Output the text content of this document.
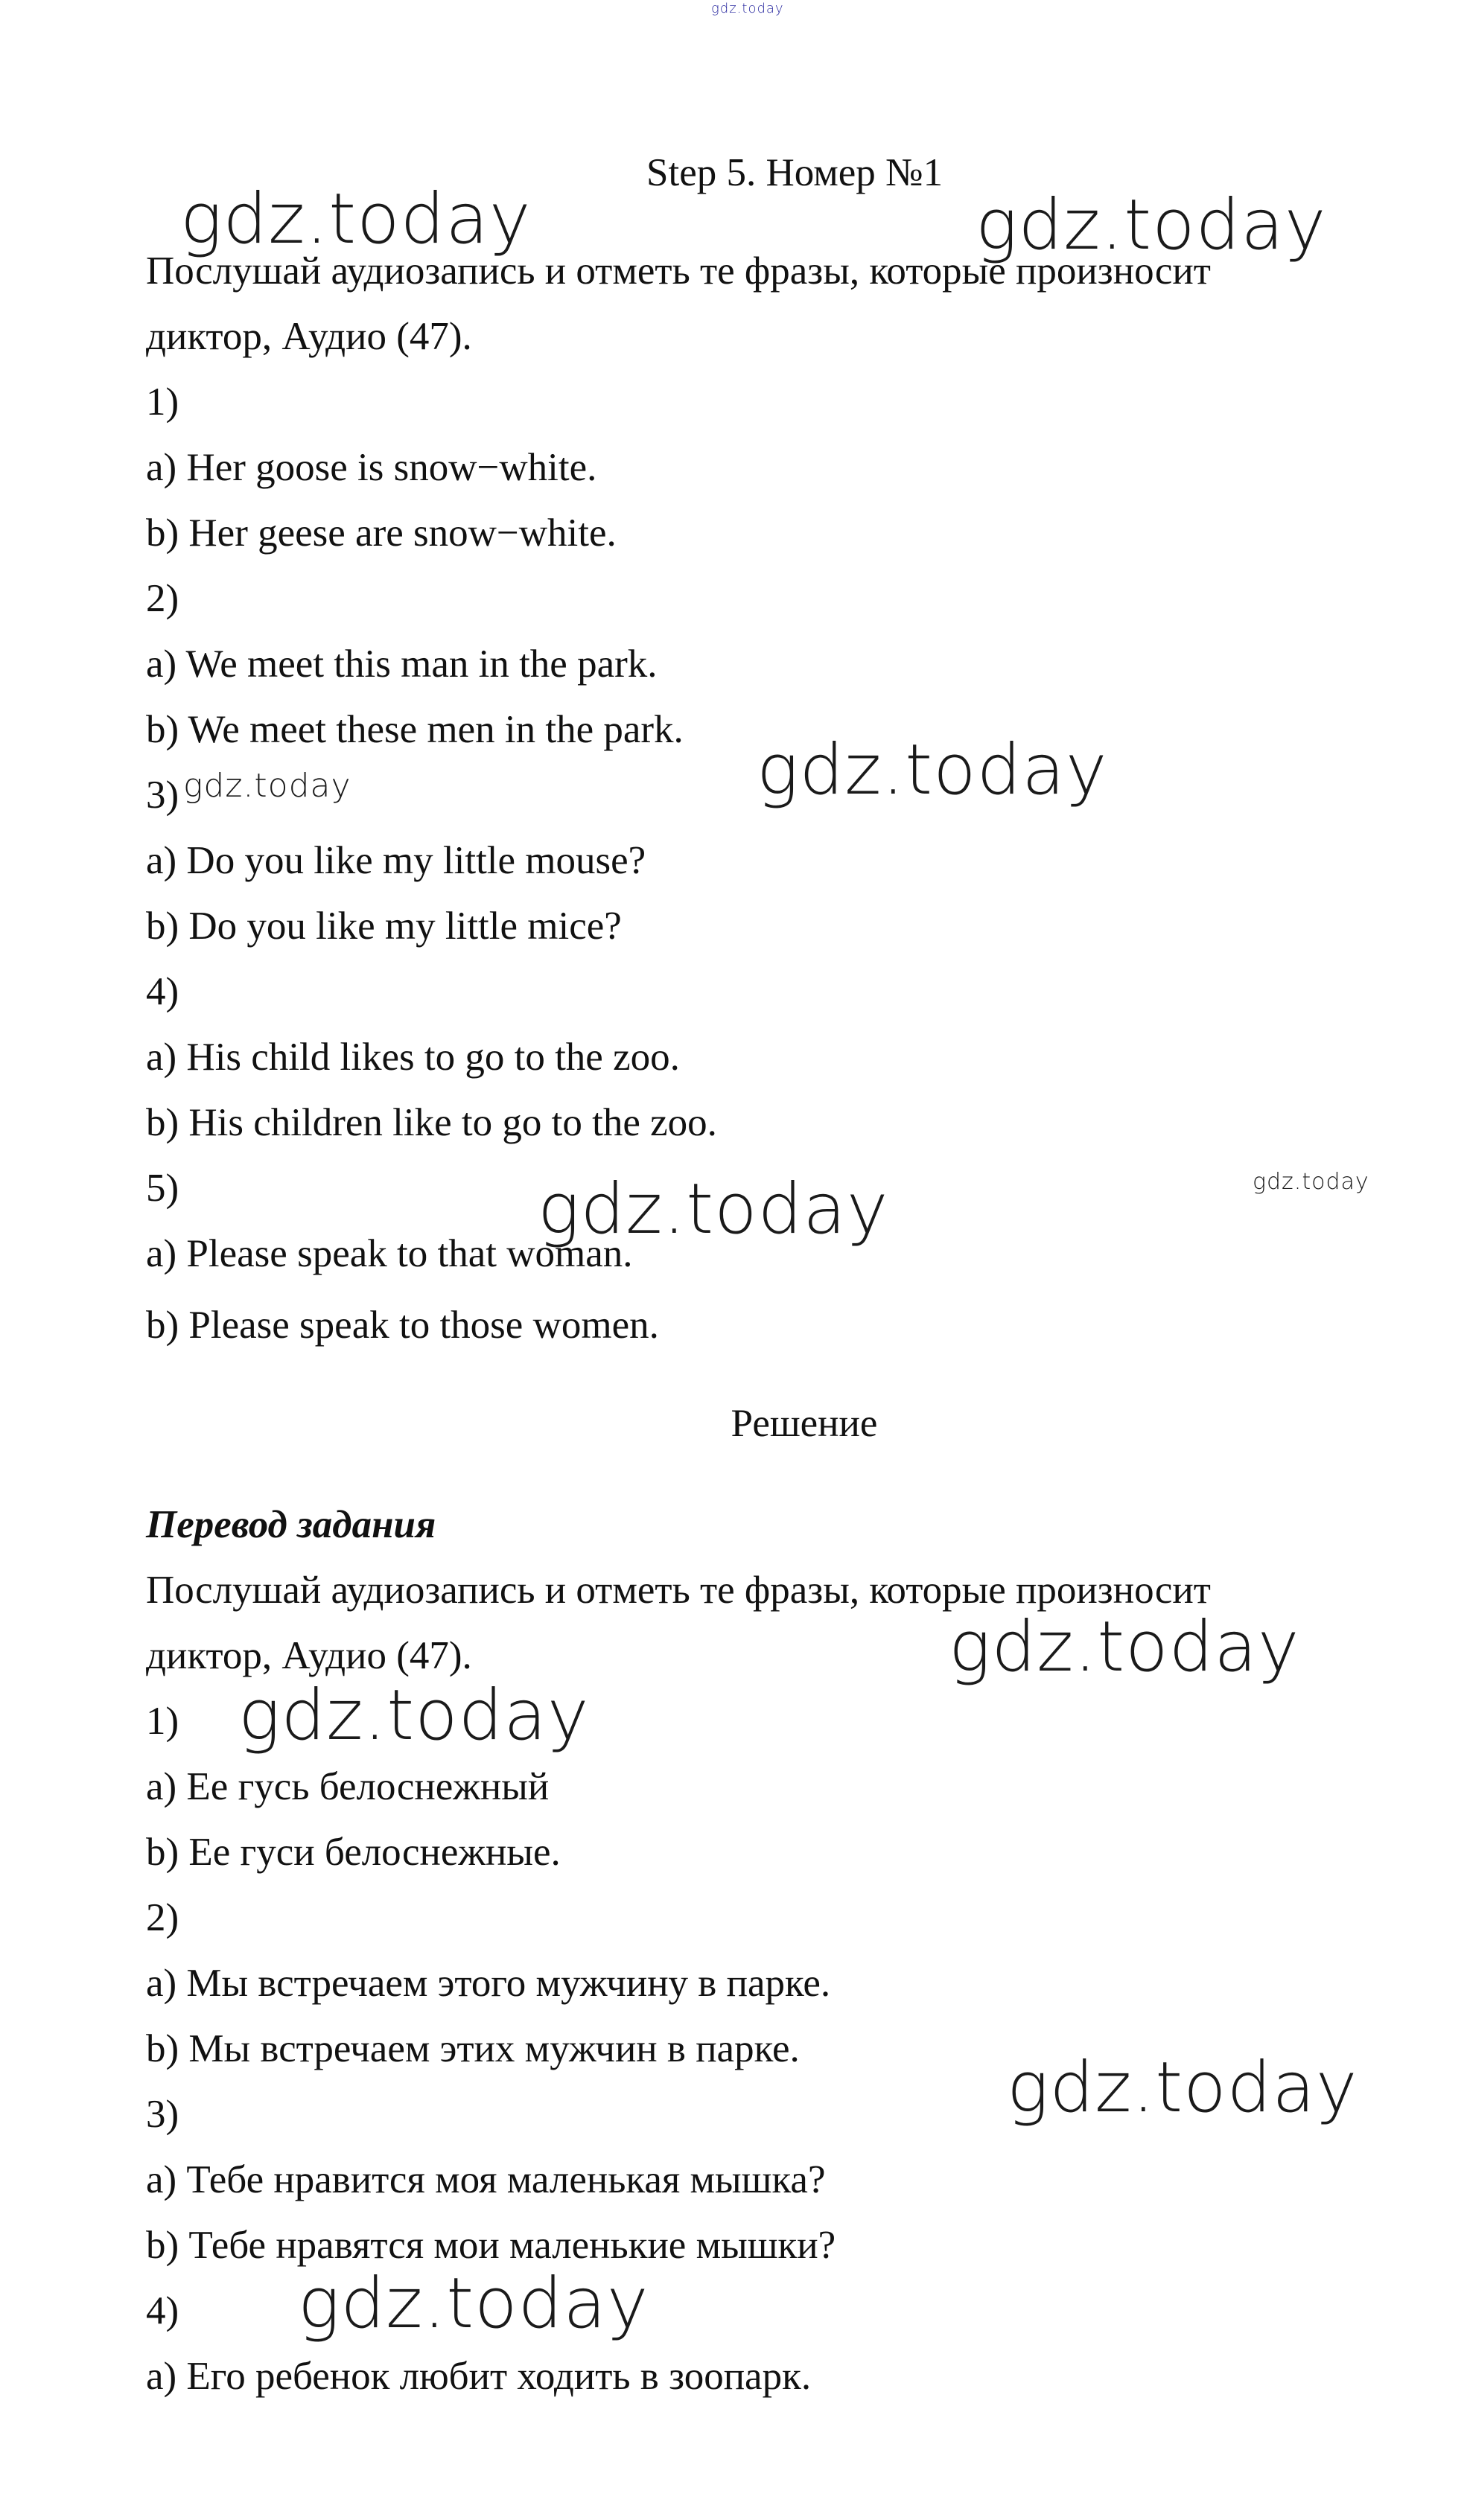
gdz.today
Step 5. Номер №1
Послушай аудиозапись и отметь те фразы, которые произносит
диктор, Аудио (47).
1)
a) Her goose is snow−white.
b) Her geese are snow−white.
2)
a) We meet this man in the park.
b) We meet these men in the park.
3)
a) Do you like my little mouse?
b) Do you like my little mice?
4)
a) His child likes to go to the zoo.
b) His children like to go to the zoo.
5)
a) Please speak to that woman.
b) Please speak to those women.
Решение
Перевод задания
Послушай аудиозапись и отметь те фразы, которые произносит
диктор, Аудио (47).
1)
a) Ее гусь белоснежный
b) Ее гуси белоснежные.
2)
a) Мы встречаем этого мужчину в парке.
b) Мы встречаем этих мужчин в парке.
3)
a) Тебе нравится моя маленькая мышка?
b) Тебе нравятся мои маленькие мышки?
4)
a) Его ребенок любит ходить в зоопарк.
gdz.today	gdz.today
gdz.today
gdz.today
gdz.today	gdz.today
gdz.today
gdz.today
gdz.today
gdz.today
